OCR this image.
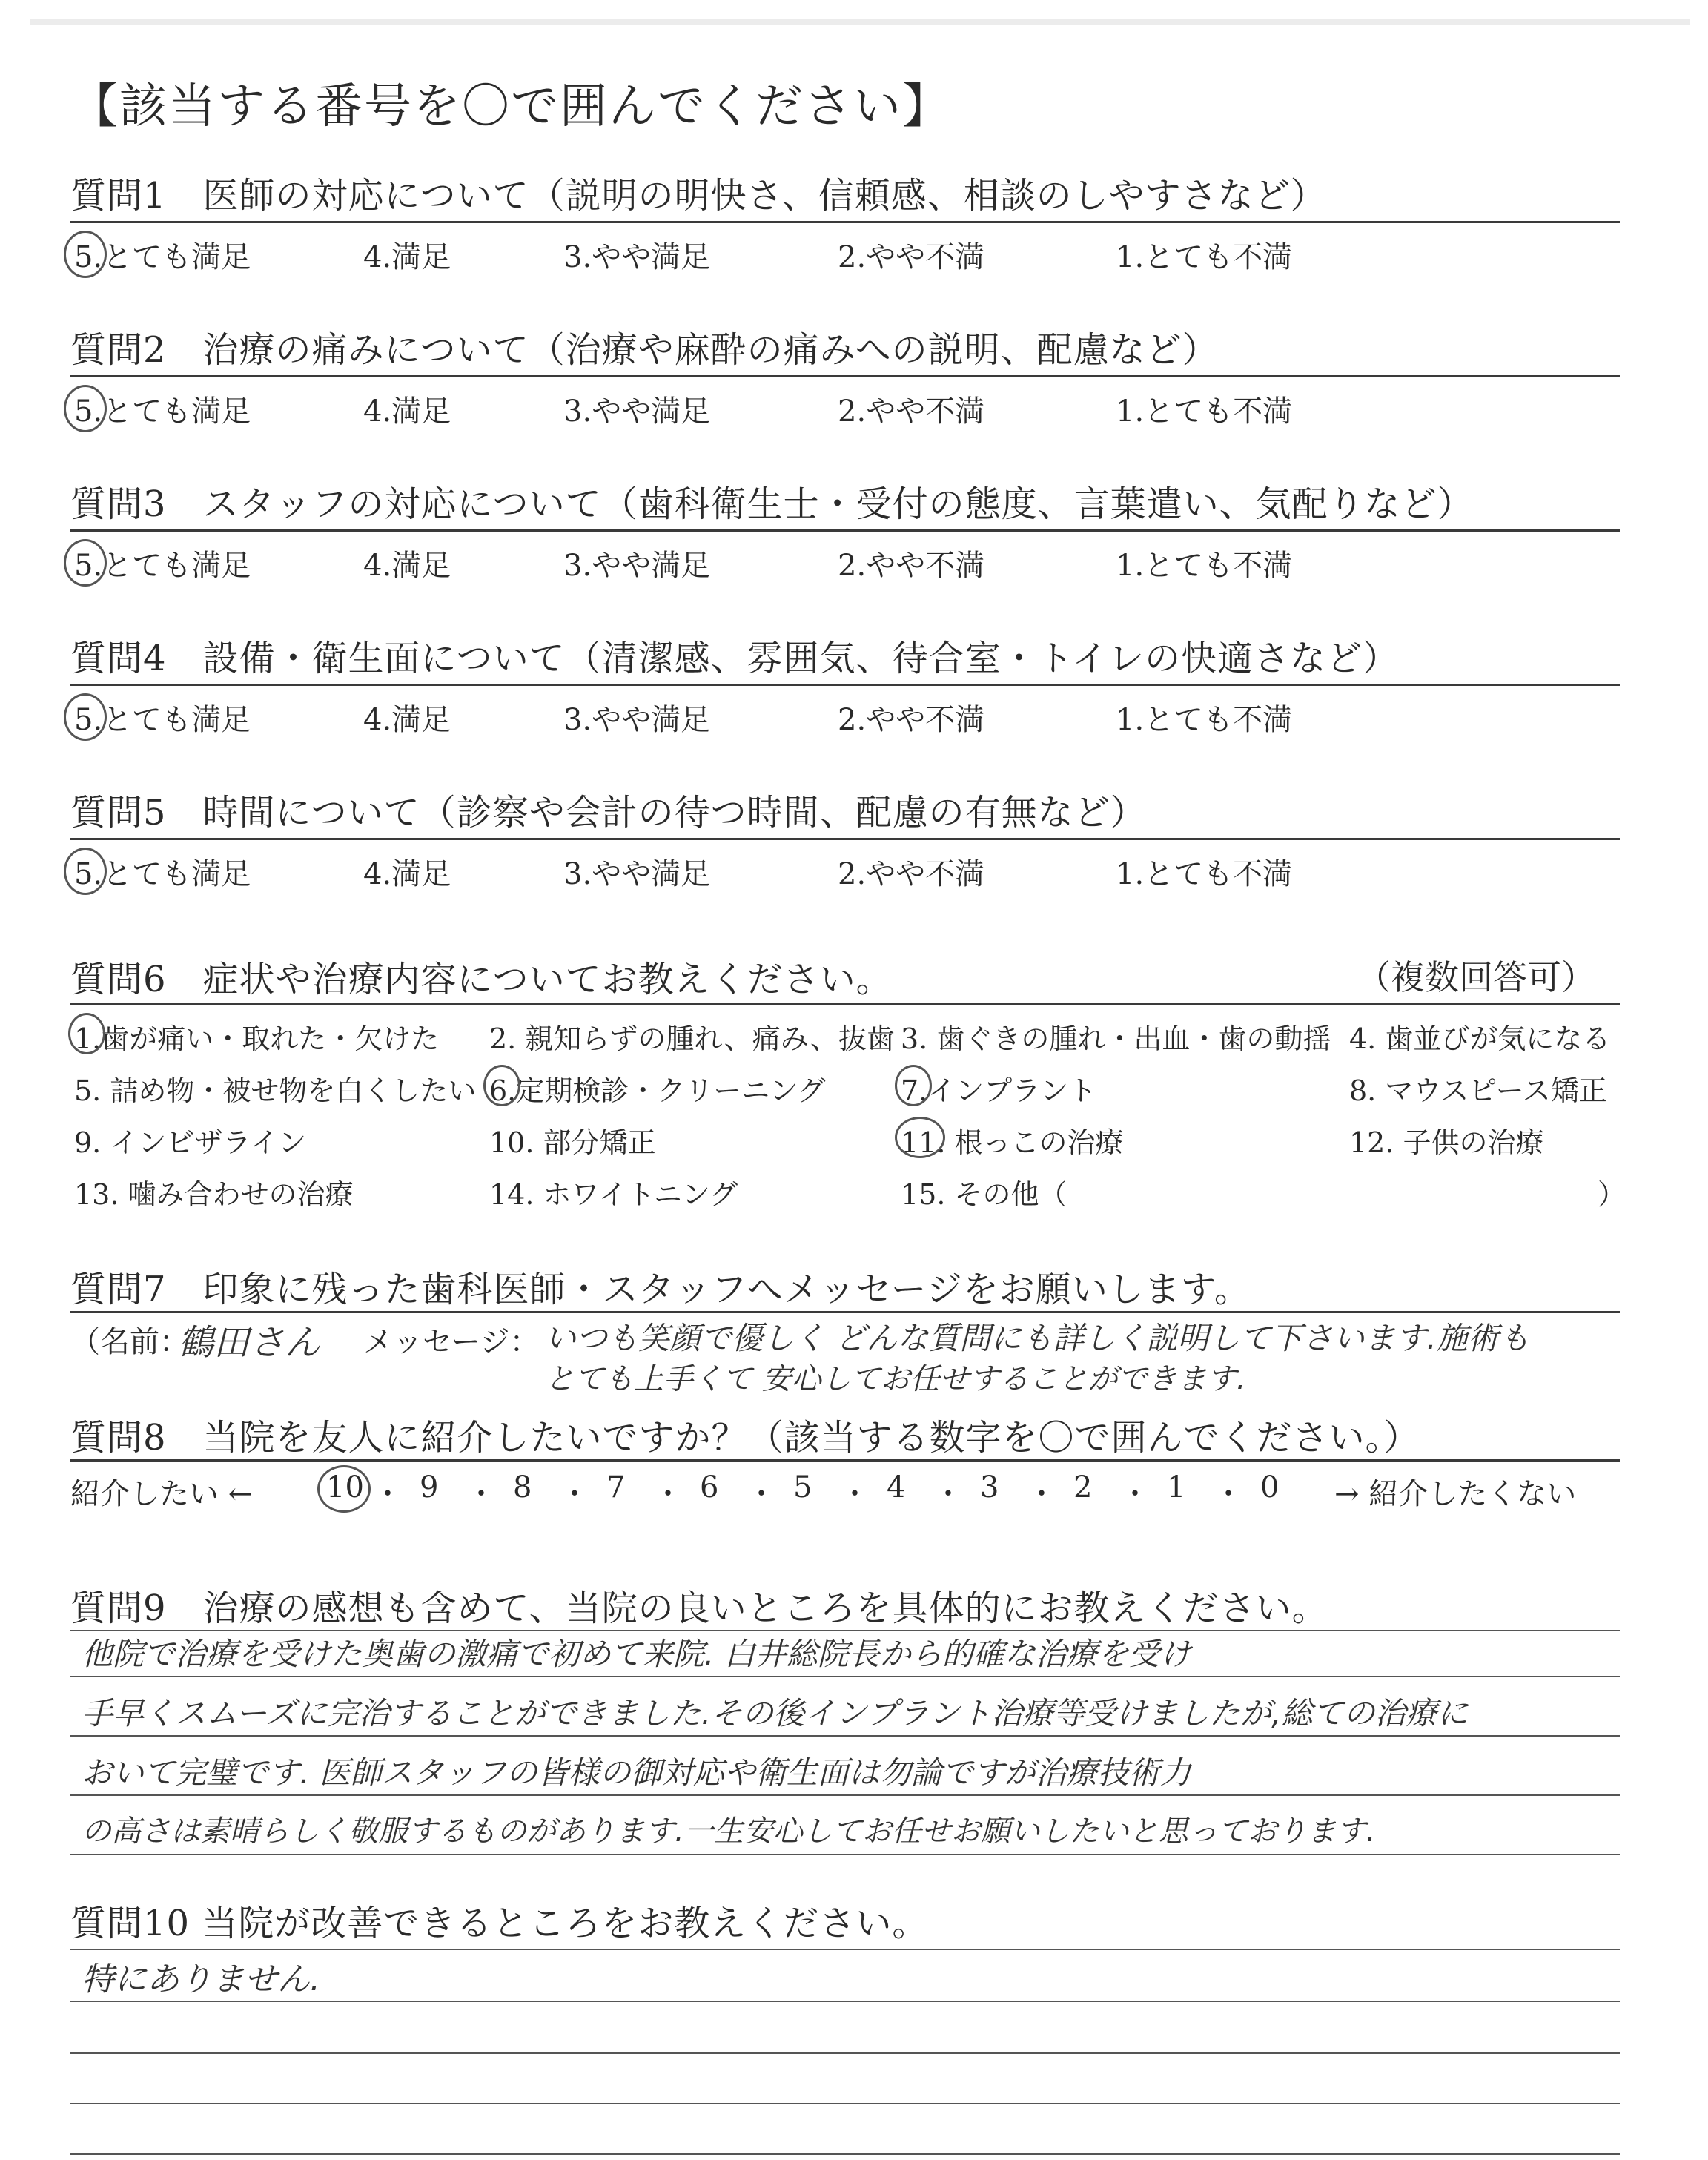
【該当する番号を〇で囲んでください】
質問1　医師の対応について（説明の明快さ、信頼感、相談のしやすさなど）
5.とても満足	4.満足	3.やや満足	2.やや不満	1.とても不満
質問2　治療の痛みについて（治療や麻酔の痛みへの説明、配慮など）
5.とても満足	4.満足	3.やや満足	2.やや不満	1.とても不満
質問3　スタッフの対応について（歯科衛生士・受付の態度、言葉遣い、気配りなど）
5.とても満足	4.満足	3.やや満足	2.やや不満	1.とても不満
質問4　設備・衛生面について（清潔感、雰囲気、待合室・トイレの快適さなど）
5.とても満足	4.満足	3.やや満足	2.やや不満	1.とても不満
質問5　時間について（診察や会計の待つ時間、配慮の有無など）
5.とても満足	4.満足	3.やや満足	2.やや不満	1.とても不満
質問6　症状や治療内容についてお教えください。	（複数回答可）
1.歯が痛い・取れた・欠けた 2. 親知らずの腫れ、痛み、抜歯 3. 歯ぐきの腫れ・出血・歯の動揺 4. 歯並びが気になる
5. 詰め物・被せ物を白くしたい 6.定期検診・クリーニング	7.インプラント	8. マウスピース矯正
9. インビザライン	10. 部分矯正	11. 根っこの治療	12. 子供の治療
13. 噛み合わせの治療	14. ホワイトニング	15. その他（	）
質問7　印象に残った歯科医師・スタッフへメッセージをお願いします。
（名前：
鶴田さん メッセージ： いつも笑顔で優しく どんな質問にも詳しく説明して下さいます.施術も
とても上手くて 安心してお任せすることができます.
質問8　当院を友人に紹介したいですか？（該当する数字を〇で囲んでください。）
紹介したい ← 10 ・ 9 ・ 8 ・ 7 ・ 6 ・ 5 ・ 4 ・ 3 ・ 2 ・ 1 ・ 0 → 紹介したくない
質問9　治療の感想も含めて、当院の良いところを具体的にお教えください。
他院で治療を受けた奥歯の激痛で初めて来院. 白井総院長から的確な治療を受け
手早くスムーズに完治することができました.その後インプラント治療等受けましたが,総ての治療に
おいて完璧です. 医師スタッフの皆様の御対応や衛生面は勿論ですが治療技術力
の高さは素晴らしく敬服するものがあります.一生安心してお任せお願いしたいと思っております.
質問10 当院が改善できるところをお教えください。
特にありません.
